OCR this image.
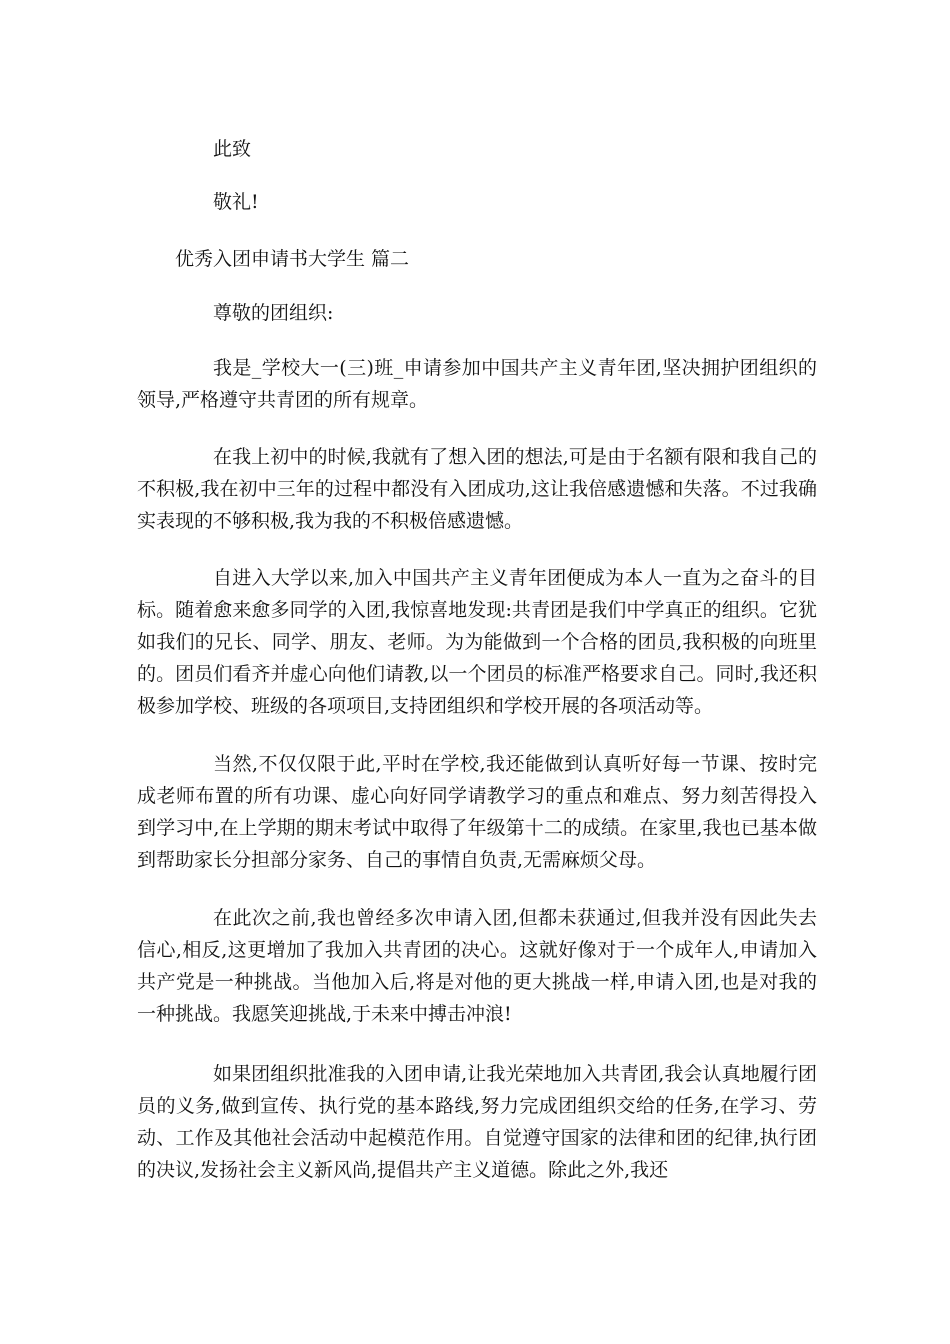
此致

敬礼!

优秀入团申请书大学生 篇二

尊敬的团组织:

我是_学校大一(三)班_申请参加中国共产主义青年团,坚决拥护团组织的领导,严格遵守共青团的所有规章。

在我上初中的时候,我就有了想入团的想法,可是由于名额有限和我自己的不积极,我在初中三年的过程中都没有入团成功,这让我倍感遗憾和失落。不过我确实表现的不够积极,我为我的不积极倍感遗憾。

自进入大学以来,加入中国共产主义青年团便成为本人一直为之奋斗的目标。随着愈来愈多同学的入团,我惊喜地发现:共青团是我们中学真正的组织。它犹如我们的兄长、同学、朋友、老师。为为能做到一个合格的团员,我积极的向班里的。团员们看齐并虚心向他们请教,以一个团员的标准严格要求自己。同时,我还积极参加学校、班级的各项项目,支持团组织和学校开展的各项活动等。

当然,不仅仅限于此,平时在学校,我还能做到认真听好每一节课、按时完成老师布置的所有功课、虚心向好同学请教学习的重点和难点、努力刻苦得投入到学习中,在上学期的期末考试中取得了年级第十二的成绩。在家里,我也已基本做到帮助家长分担部分家务、自己的事情自负责,无需麻烦父母。

在此次之前,我也曾经多次申请入团,但都未获通过,但我并没有因此失去信心,相反,这更增加了我加入共青团的决心。这就好像对于一个成年人,申请加入共产党是一种挑战。当他加入后,将是对他的更大挑战一样,申请入团,也是对我的一种挑战。我愿笑迎挑战,于未来中搏击冲浪!

如果团组织批准我的入团申请,让我光荣地加入共青团,我会认真地履行团员的义务,做到宣传、执行党的基本路线,努力完成团组织交给的任务,在学习、劳动、工作及其他社会活动中起模范作用。自觉遵守国家的法律和团的纪律,执行团的决议,发扬社会主义新风尚,提倡共产主义道德。除此之外,我还
